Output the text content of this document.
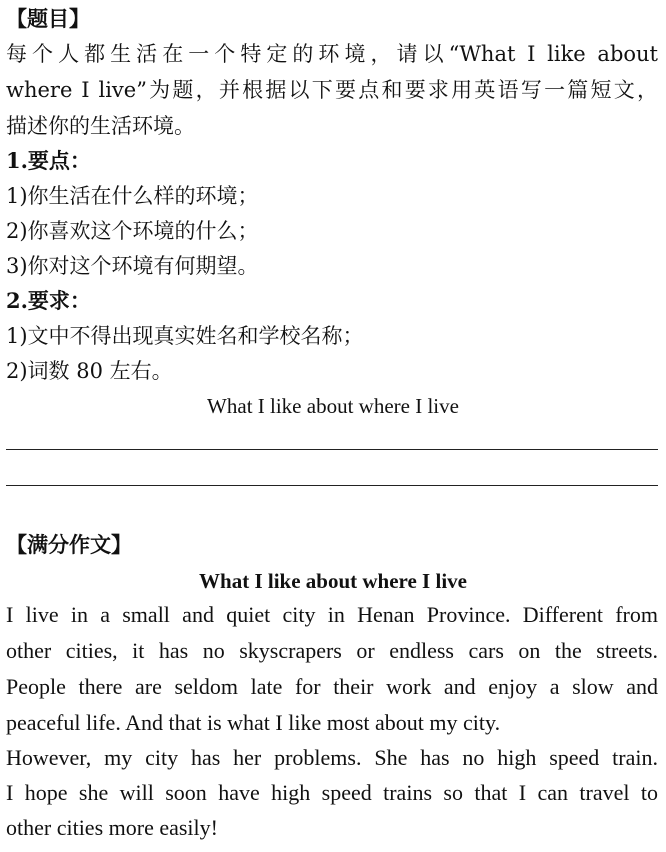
【题目】
每个人都生活在一个特定的环境，请以“What I like about
where I live”为题，并根据以下要点和要求用英语写一篇短文，
描述你的生活环境。
1.要点：
1)你生活在什么样的环境；
2)你喜欢这个环境的什么；
3)你对这个环境有何期望。
2.要求：
1)文中不得出现真实姓名和学校名称；
2)词数 80 左右。
What I like about where I live
【满分作文】
What I like about where I live
I live in a small and quiet city in Henan Province. Different from
other cities, it has no skyscrapers or endless cars on the streets.
People there are seldom late for their work and enjoy a slow and
peaceful life. And that is what I like most about my city.
However, my city has her problems. She has no high speed train.
I hope she will soon have high speed trains so that I can travel to
other cities more easily!
